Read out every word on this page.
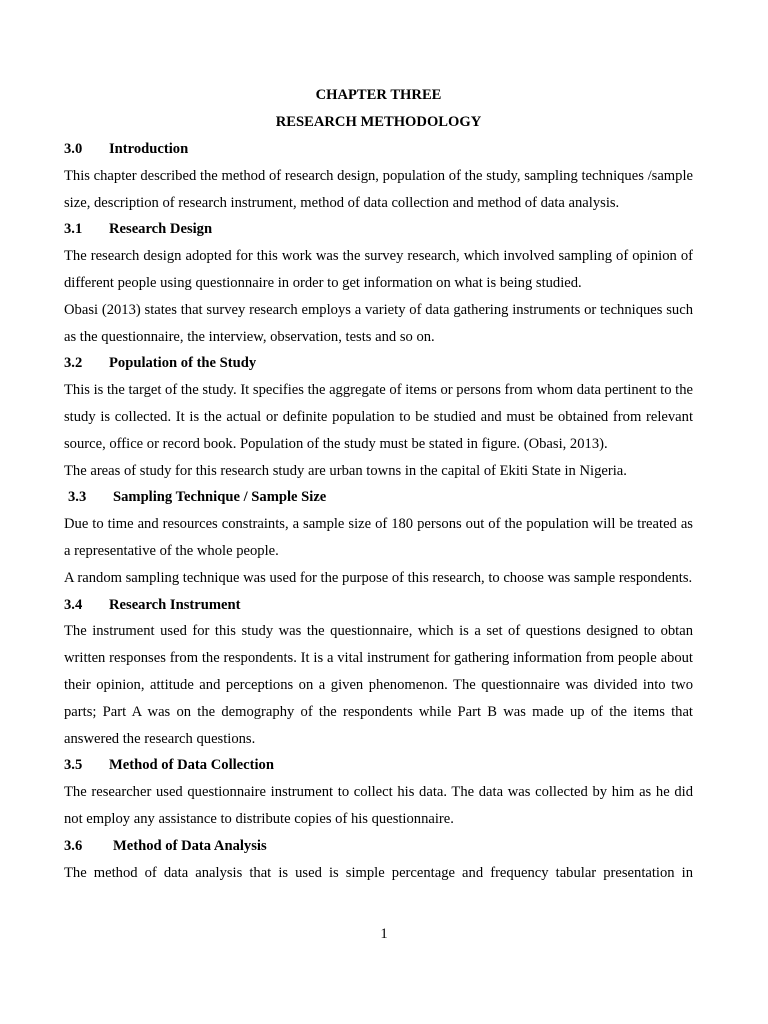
CHAPTER THREE
RESEARCH METHODOLOGY
3.0 Introduction
This chapter described the method of research design, population of the study, sampling techniques /sample size, description of research instrument, method of data collection and method of data analysis.
3.1 Research Design
The research design adopted for this work was the survey research, which involved sampling of opinion of different people using questionnaire in order to get information on what is being studied.
Obasi (2013) states that survey research employs a variety of data gathering instruments or techniques such as the questionnaire, the interview, observation, tests and so on.
3.2 Population of the Study
This is the target of the study. It specifies the aggregate of items or persons from whom data pertinent to the study is collected. It is the actual or definite population to be studied and must be obtained from relevant source, office or record book. Population of the study must be stated in figure. (Obasi, 2013).
The areas of study for this research study are urban towns in the capital of Ekiti State in Nigeria.
3.3 Sampling Technique / Sample Size
Due to time and resources constraints, a sample size of 180 persons out of the population will be treated as a representative of the whole people.
A random sampling technique was used for the purpose of this research, to choose was sample respondents.
3.4 Research Instrument
The instrument used for this study was the questionnaire, which is a set of questions designed to obtan written responses from the respondents. It is a vital instrument for gathering information from people about their opinion, attitude and perceptions on a given phenomenon. The questionnaire was divided into two parts; Part A was on the demography of the respondents while Part B was made up of the items that answered the research questions.
3.5 Method of Data Collection
The researcher used questionnaire instrument to collect his data. The data was collected by him as he did not employ any assistance to distribute copies of his questionnaire.
3.6 Method of Data Analysis
The method of data analysis that is used is simple percentage and frequency tabular presentation in
1
